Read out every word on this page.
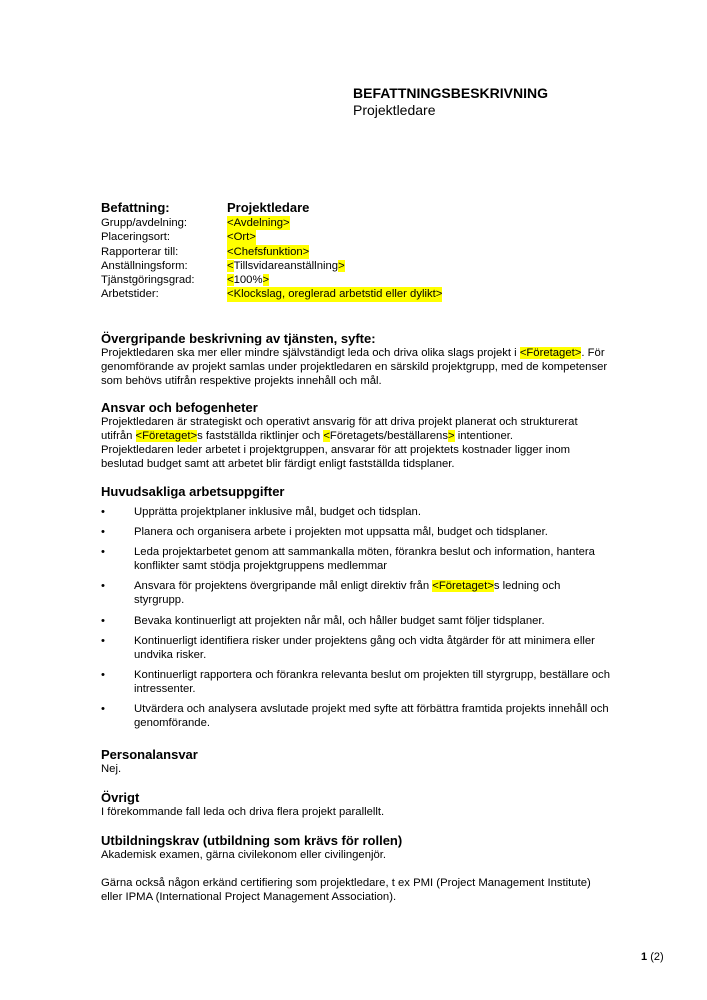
BEFATTNINGSBESKRIVNING
Projektledare
Befattning:	Projektledare
Grupp/avdelning:	<Avdelning>
Placeringsort:	<Ort>
Rapporterar till:	<Chefsfunktion>
Anställningsform:	<Tillsvidareanställning>
Tjänstgöringsgrad:	<100%>
Arbetstider:	<Klockslag, oreglerad arbetstid eller dylikt>
Övergripande beskrivning av tjänsten, syfte:

Projektledaren ska mer eller mindre självständigt leda och driva olika slags projekt i <Företaget>. För genomförande av projekt samlas under projektledaren en särskild projektgrupp, med de kompetenser som behövs utifrån respektive projekts innehåll och mål.

Ansvar och befogenheter

Projektledaren är strategiskt och operativt ansvarig för att driva projekt planerat och strukturerat utifrån <Företaget>s fastställda riktlinjer och <Företagets/beställarens> intentioner.
Projektledaren leder arbetet i projektgruppen, ansvarar för att projektets kostnader ligger inom beslutad budget samt att arbetet blir färdigt enligt fastställda tidsplaner.

Huvudsakliga arbetsuppgifter
•	Upprätta projektplaner inklusive mål, budget och tidsplan.
•	Planera och organisera arbete i projekten mot uppsatta mål, budget och tidsplaner.
•	Leda projektarbetet genom att sammankalla möten, förankra beslut och information, hantera konflikter samt stödja projektgruppens medlemmar
•	Ansvara för projektens övergripande mål enligt direktiv från <Företaget>s ledning och styrgrupp.
•	Bevaka kontinuerligt att projekten når mål, och håller budget samt följer tidsplaner.
•	Kontinuerligt identifiera risker under projektens gång och vidta åtgärder för att minimera eller undvika risker.
•	Kontinuerligt rapportera och förankra relevanta beslut om projekten till styrgrupp, beställare och intressenter.
•	Utvärdera och analysera avslutade projekt med syfte att förbättra framtida projekts innehåll och genomförande.
Personalansvar

Nej.

Övrigt

I förekommande fall leda och driva flera projekt parallellt.

Utbildningskrav (utbildning som krävs för rollen)

Akademisk examen, gärna civilekonom eller civilingenjör.

Gärna också någon erkänd certifiering som projektledare, t ex PMI (Project Management Institute) eller IPMA (International Project Management Association).

1 (2)
